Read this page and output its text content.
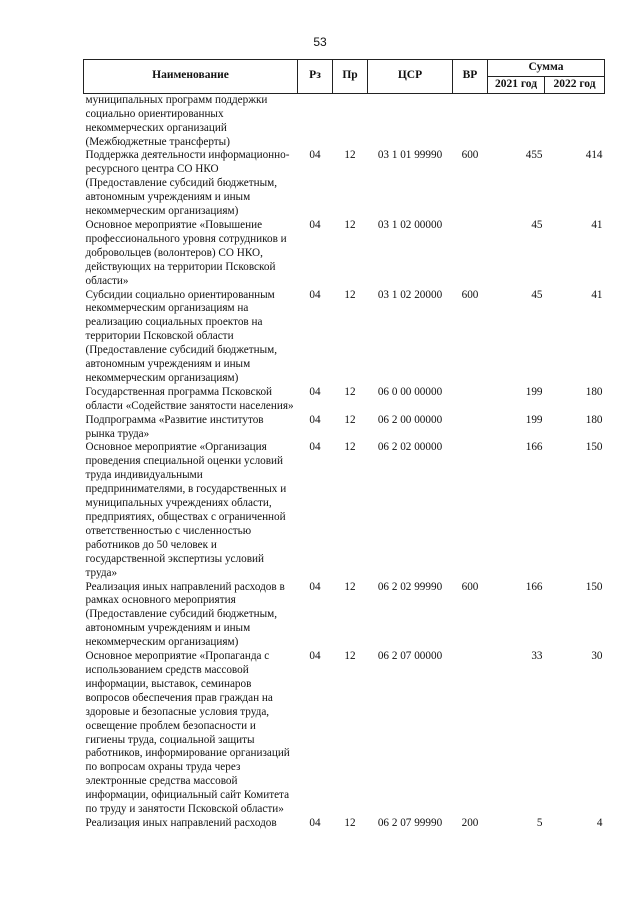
53
Наименование	Рз	Пр	ЦСР	ВР	Сумма	
					2021 год	2022 год
муниципальных программ поддержки социально ориентированных некоммерческих организаций (Межбюджетные трансферты)						
Поддержка деятельности информационно-ресурсного центра СО НКО (Предоставление субсидий бюджетным, автономным учреждениям и иным некоммерческим организациям)	04	12	03 1 01 99990	600	455	414
Основное мероприятие «Повышение профессионального уровня сотрудников и добровольцев (волонтеров) СО НКО, действующих на территории Псковской области»	04	12	03 1 02 00000		45	41
Субсидии социально ориентированным некоммерческим организациям на реализацию социальных проектов на территории Псковской области (Предоставление субсидий бюджетным, автономным учреждениям и иным некоммерческим организациям)	04	12	03 1 02 20000	600	45	41
Государственная программа Псковской области «Содействие занятости населения»	04	12	06 0 00 00000		199	180
Подпрограмма «Развитие институтов рынка труда»	04	12	06 2 00 00000		199	180
Основное мероприятие «Организация проведения специальной оценки условий труда индивидуальными предпринимателями, в государственных и муниципальных учреждениях области, предприятиях, обществах с ограниченной ответственностью с численностью работников до 50 человек и государственной экспертизы условий труда»	04	12	06 2 02 00000		166	150
Реализация иных направлений расходов в рамках основного мероприятия (Предоставление субсидий бюджетным, автономным учреждениям и иным некоммерческим организациям)	04	12	06 2 02 99990	600	166	150
Основное мероприятие «Пропаганда с использованием средств массовой информации, выставок, семинаров вопросов обеспечения прав граждан на здоровые и безопасные условия труда, освещение проблем безопасности и гигиены труда, социальной защиты работников, информирование организаций по вопросам охраны труда через электронные средства массовой информации, официальный сайт Комитета по труду и занятости Псковской области»	04	12	06 2 07 00000		33	30
Реализация иных направлений расходов	04	12	06 2 07 99990	200	5	4
